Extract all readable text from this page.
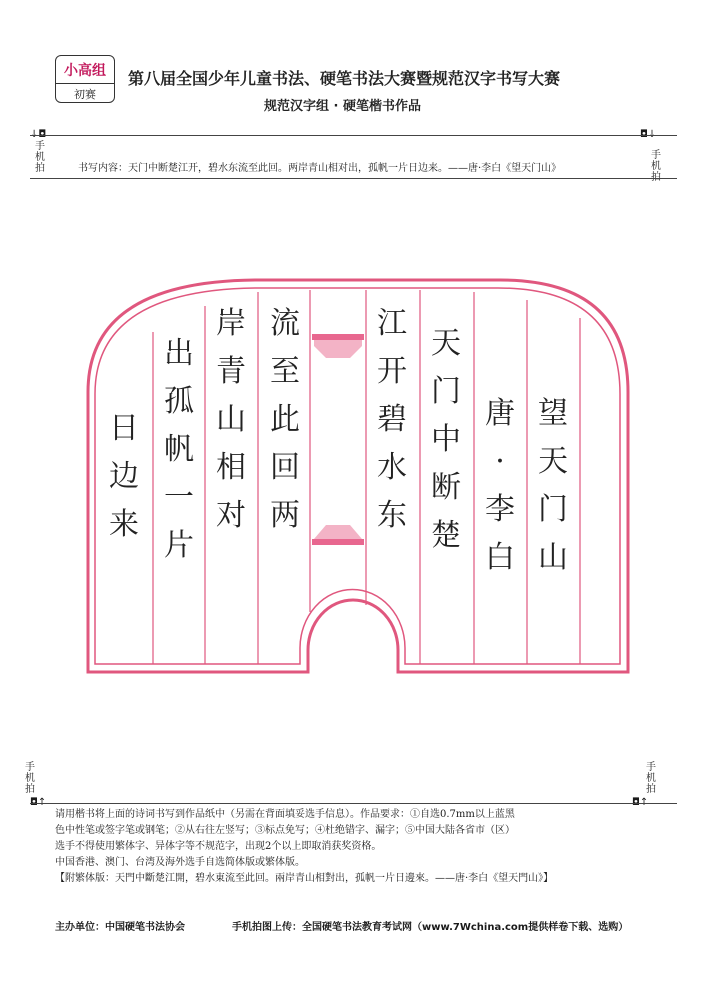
小高组
初赛
第八届全国少年儿童书法、硬笔书法大赛暨规范汉字书写大赛
规范汉字组 · 硬笔楷书作品
↓◘
手
机
拍
◘↓
手
机
拍
书写内容：天门中断楚江开，碧水东流至此回。两岸青山相对出，孤帆一片日边来。——唐·李白《望天门山》
望
天
门
山
唐
·
李
白
天
门
中
断
楚
江
开
碧
水
东
流
至
此
回
两
岸
青
山
相
对
出
孤
帆
一
片
日
边
来
手
机
拍
◘↑
手
机
拍
◘↑

请用楷书将上面的诗词书写到作品纸中（另需在背面填妥选手信息）。作品要求：①自选0.7mm以上蓝黑

色中性笔或签字笔或钢笔；②从右往左竖写；③标点免写；④杜绝错字、漏字；⑤中国大陆各省市（区）

选手不得使用繁体字、异体字等不规范字，出现2个以上即取消获奖资格。

中国香港、澳门、台湾及海外选手自选简体版或繁体版。

【附繁体版：天門中斷楚江開，碧水東流至此回。兩岸青山相對出，孤帆一片日邊來。——唐·李白《望天門山》】

主办单位：中国硬笔书法协会	手机拍图上传：全国硬笔书法教育考试网（www.7Wchina.com提供样卷下载、选购）
